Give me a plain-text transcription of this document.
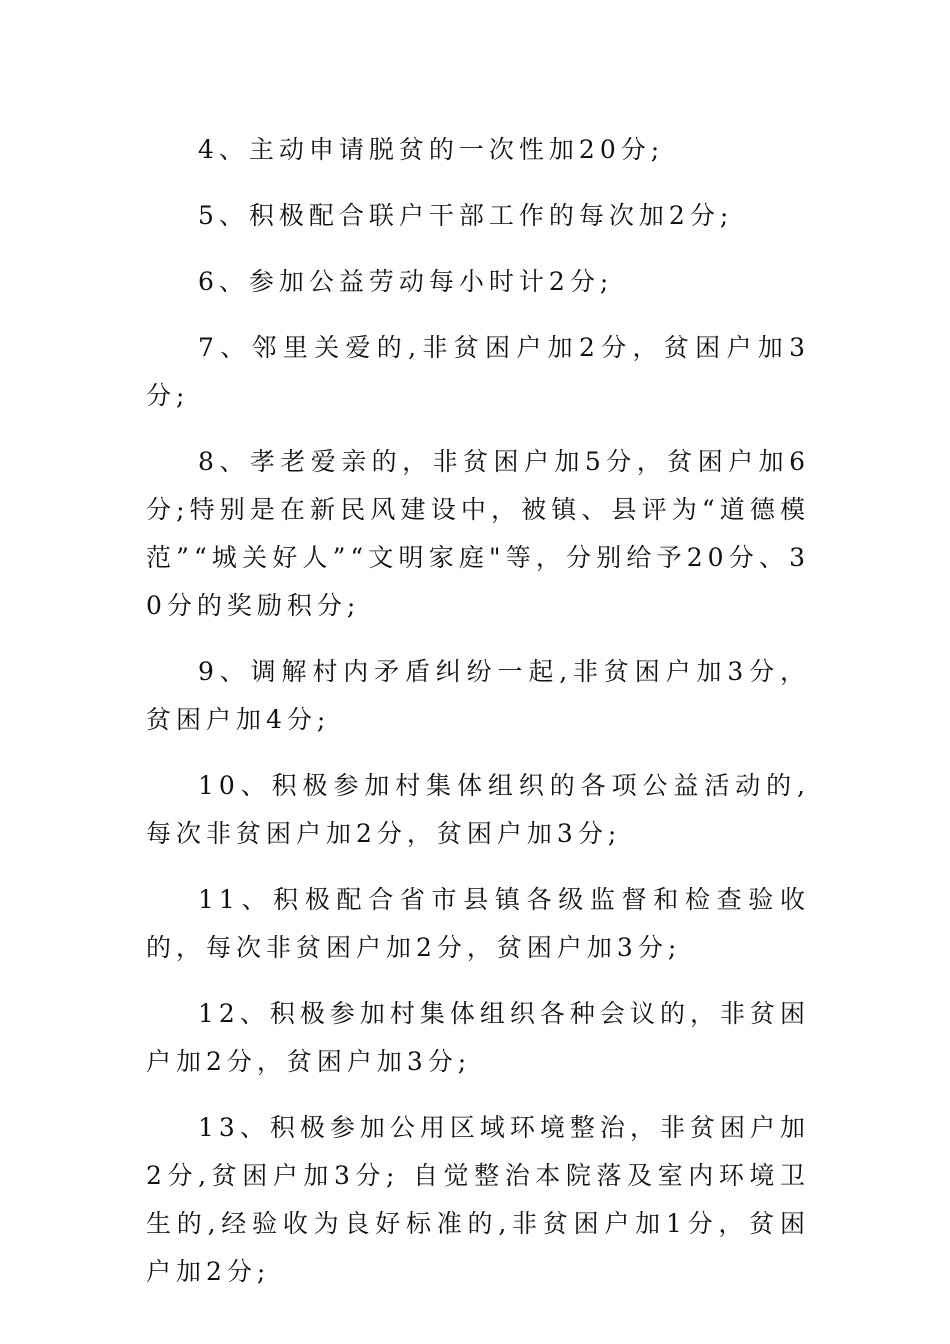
4、主动申请脱贫的一次性加20分;

5、积极配合联户干部工作的每次加2分;

6、参加公益劳动每小时计2分;

7、邻里关爱的,非贫困户加2分，贫困户加3分;

8、孝老爱亲的，非贫困户加5分，贫困户加6分;特别是在新民风建设中，被镇、县评为“道德模范”“城关好人”“文明家庭"等，分别给予20分、30分的奖励积分;

9、调解村内矛盾纠纷一起,非贫困户加3分，贫困户加4分;

10、积极参加村集体组织的各项公益活动的,每次非贫困户加2分，贫困户加3分;

11、积极配合省市县镇各级监督和检查验收的，每次非贫困户加2分，贫困户加3分;

12、积极参加村集体组织各种会议的，非贫困户加2分，贫困户加3分;

13、积极参加公用区域环境整治，非贫困户加2分,贫困户加3分; 自觉整治本院落及室内环境卫生的,经验收为良好标准的,非贫困户加1分，贫困户加2分;
